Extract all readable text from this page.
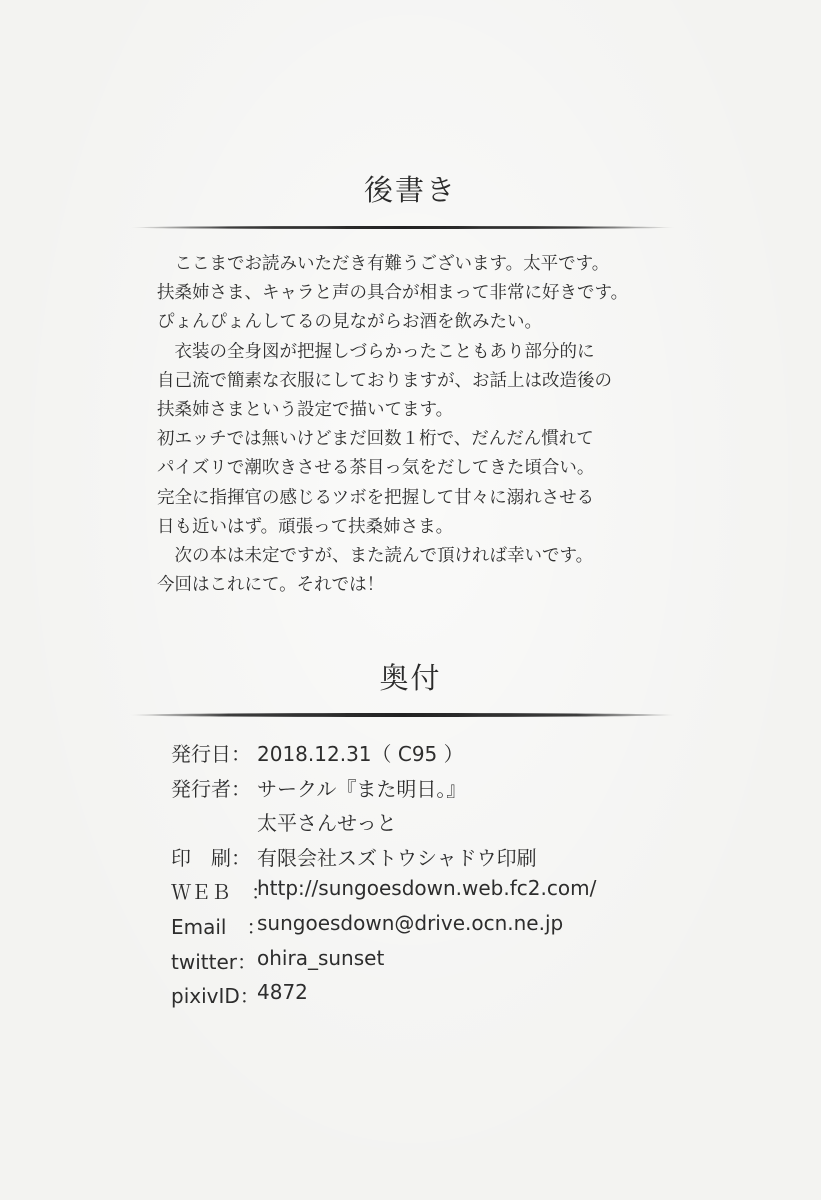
後書き
　ここまでお読みいただき有難うございます。太平です。
扶桑姉さま、キャラと声の具合が相まって非常に好きです。
ぴょんぴょんしてるの見ながらお酒を飲みたい。
　衣装の全身図が把握しづらかったこともあり部分的に
自己流で簡素な衣服にしておりますが、お話上は改造後の
扶桑姉さまという設定で描いてます。
初エッチでは無いけどまだ回数１桁で、だんだん慣れて
パイズリで潮吹きさせる茶目っ気をだしてきた頃合い。
完全に指揮官の感じるツボを把握して甘々に溺れさせる
日も近いはず。頑張って扶桑姉さま。
　次の本は未定ですが、また読んで頂ければ幸いです。
今回はこれにて。それでは！
奥付
発行日： 2018.12.31（ C95 ）
発行者： サークル『また明日。』
太平さんせっと
印　刷： 有限会社スズトウシャドウ印刷
ＷＥＢ　：
http://sungoesdown.web.fc2.com/
Email　：
sungoesdown@drive.ocn.ne.jp
twitter： ohira_sunset
pixivID：
4872
